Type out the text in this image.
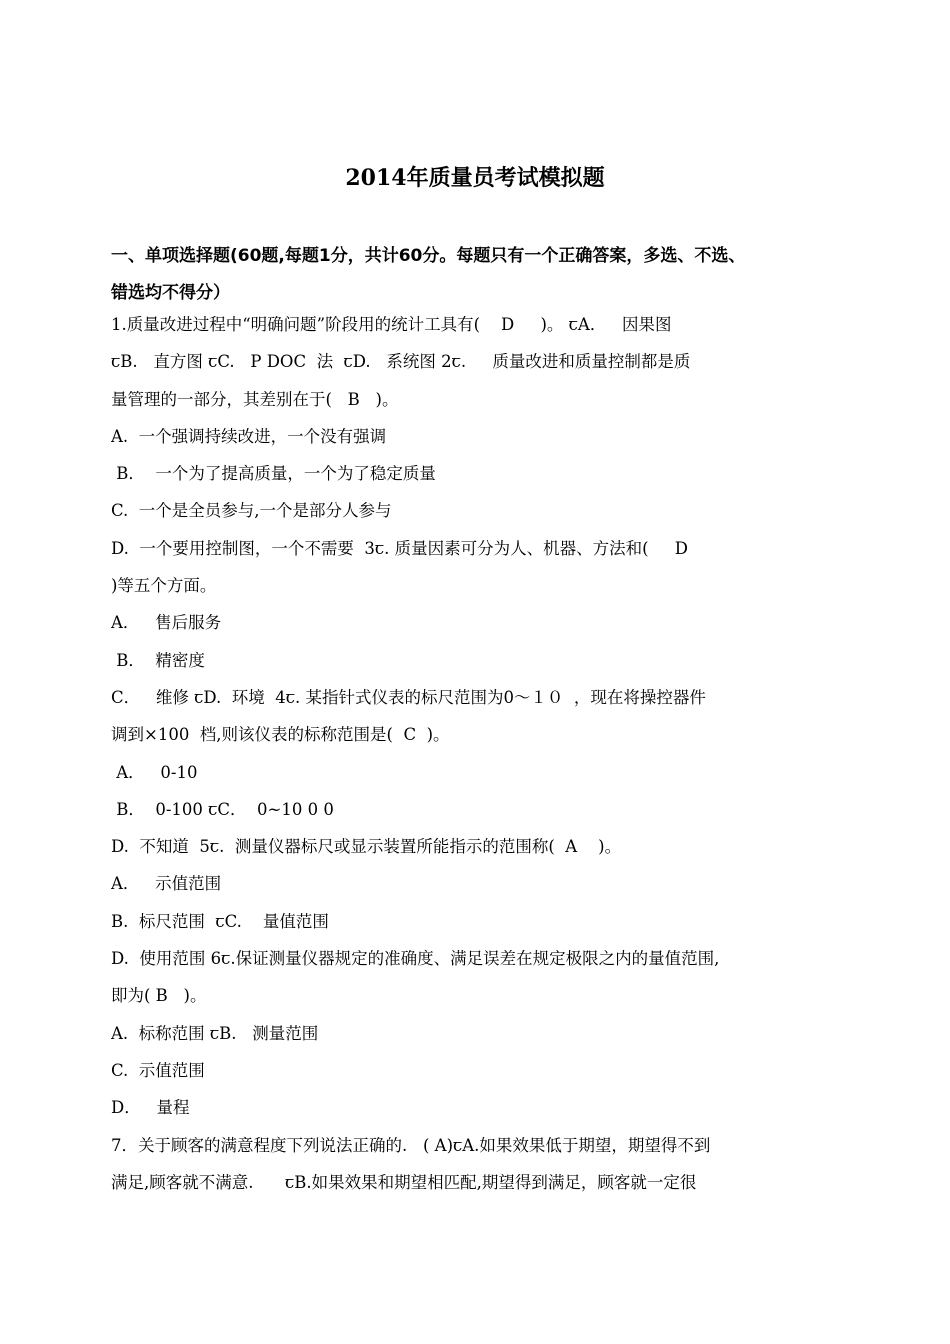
2014年质量员考试模拟题
一、单项选择题(60题,每题1分，共计60分。每题只有一个正确答案，多选、不选、
错选均不得分）
1.质量改进过程中“明确问题”阶段用的统计工具有(    D     )。 ꞇA．   因果图
ꞇB.   直方图 ꞇC.   P DOC  法  ꞇD.   系统图 2ꞇ.     质量改进和质量控制都是质
量管理的一部分，其差别在于(   B   )。
A.  一个强调持续改进，一个没有强调
B．  一个为了提高质量，一个为了稳定质量
C.  一个是全员参与,一个是部分人参与
D.  一个要用控制图，一个不需要  3ꞇ. 质量因素可分为人、机器、方法和(     D
)等五个方面。
A．   售后服务
B．  精密度
C．   维修 ꞇD.  环境  4ꞇ. 某指针式仪表的标尺范围为0～１０  ，现在将操控器件
调到×100  档,则该仪表的标称范围是(  C  )。
A．   0-10
B．  0-100 ꞇC．  0~10 0 0
D.  不知道  5ꞇ.  测量仪器标尺或显示装置所能指示的范围称(  A    )。
A．   示值范围
B.  标尺范围  ꞇC.    量值范围
D.  使用范围 6ꞇ.保证测量仪器规定的准确度、满足误差在规定极限之内的量值范围,
即为( B   )。
A.  标称范围 ꞇB.   测量范围
C.  示值范围
D．   量程
7．关于顾客的满意程度下列说法正确的.   ( A)ꞇA.如果效果低于期望，期望得不到
满足,顾客就不满意.      ꞇB.如果效果和期望相匹配,期望得到满足，顾客就一定很
